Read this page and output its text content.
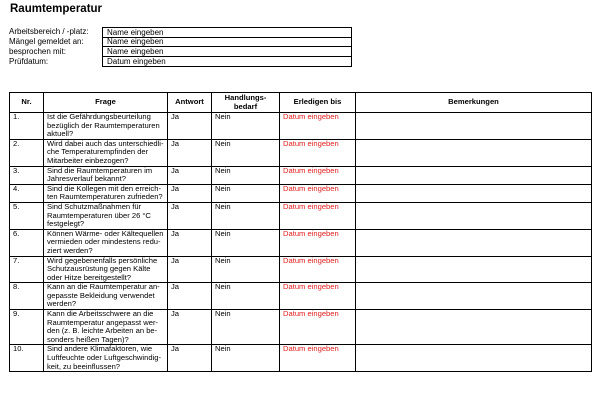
Raumtemperatur
Arbeitsbereich / -platz:	Name eingeben
Mängel gemeldet an:	Name eingeben
besprochen mit:	Name eingeben
Prüfdatum:	Datum eingeben
Nr.	Frage	Antwort	Handlungs-
bedarf	Erledigen bis	Bemerkungen
1.	Ist die Gefährdungsbeurteilung
bezüglich der Raumtemperaturen
aktuell?	Ja	Nein	Datum eingeben	
2.	Wird dabei auch das unterschiedli-
che Temperaturempfinden der
Mitarbeiter einbezogen?	Ja	Nein	Datum eingeben	
3.	Sind die Raumtemperaturen im
Jahresverlauf bekannt?	Ja	Nein	Datum eingeben	
4.	Sind die Kollegen mit den erreich-
ten Raumtemperaturen zufrieden?	Ja	Nein	Datum eingeben	
5.	Sind Schutzmaßnahmen für
Raumtemperaturen über 26 °C
festgelegt?	Ja	Nein	Datum eingeben	
6.	Können Wärme- oder Kältequellen
vermieden oder mindestens redu-
ziert werden?	Ja	Nein	Datum eingeben	
7.	Wird gegebenenfalls persönliche
Schutzausrüstung gegen Kälte
oder Hitze bereitgestellt?	Ja	Nein	Datum eingeben	
8.	Kann an die Raumtemperatur an-
gepasste Bekleidung verwendet
werden?	Ja	Nein	Datum eingeben	
9.	Kann die Arbeitsschwere an die
Raumtemperatur angepasst wer-
den (z. B. leichte Arbeiten an be-
sonders heißen Tagen)?	Ja	Nein	Datum eingeben	
10.	Sind andere Klimafaktoren, wie
Luftfeuchte oder Luftgeschwindig-
keit, zu beeinflussen?	Ja	Nein	Datum eingeben	
